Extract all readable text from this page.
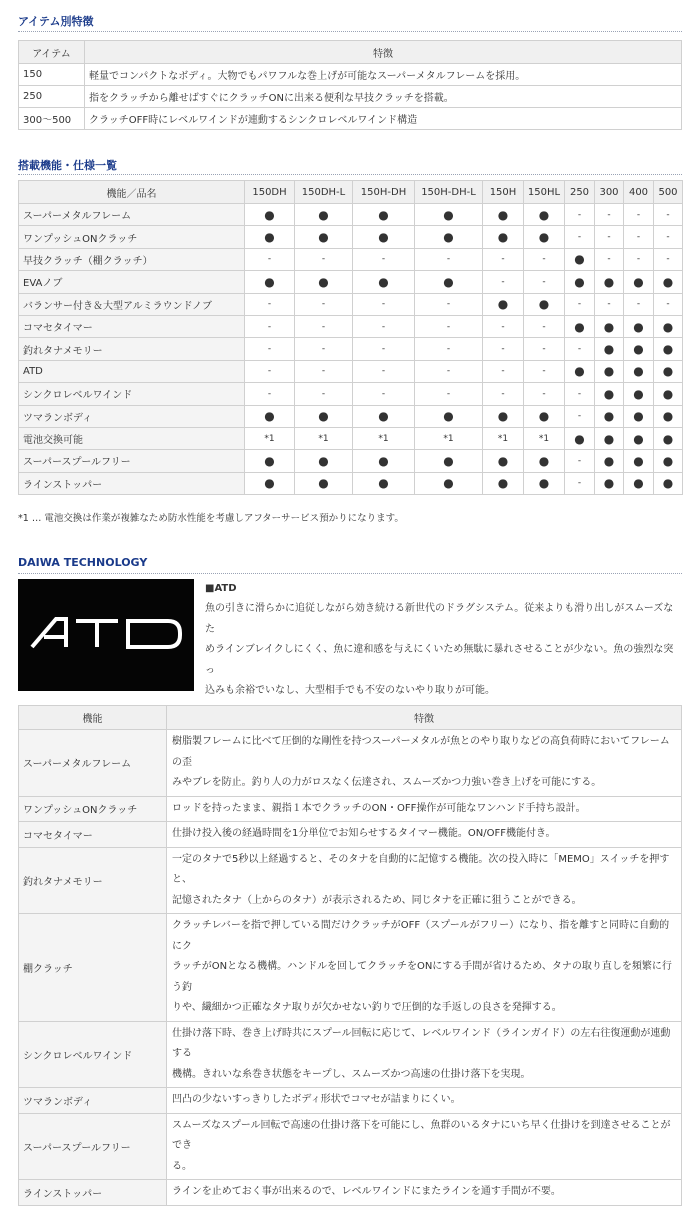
アイテム別特徴
アイテム	特徴
150	軽量でコンパクトなボディ。大物でもパワフルな巻上げが可能なスーパーメタルフレームを採用。
250	指をクラッチから離せばすぐにクラッチONに出来る便利な早技クラッチを搭載。
300～500	クラッチOFF時にレベルワインドが連動するシンクロレベルワインド構造
搭載機能・仕様一覧
機能／品名	150DH	150DH-L	150H-DH	150H-DH-L	150H	150HL	250	300	400	500
スーパーメタルフレーム	●	●	●	●	●	●	-	-	-	-
ワンプッシュONクラッチ	●	●	●	●	●	●	-	-	-	-
早技クラッチ（棚クラッチ）	-	-	-	-	-	-	●	-	-	-
EVAノブ	●	●	●	●	-	-	●	●	●	●
バランサー付き＆大型アルミラウンドノブ	-	-	-	-	●	●	-	-	-	-
コマセタイマー	-	-	-	-	-	-	●	●	●	●
釣れタナメモリー	-	-	-	-	-	-	-	●	●	●
ATD	-	-	-	-	-	-	●	●	●	●
シンクロレベルワインド	-	-	-	-	-	-	-	●	●	●
ツマランボディ	●	●	●	●	●	●	-	●	●	●
電池交換可能	*1	*1	*1	*1	*1	*1	●	●	●	●
スーパースプールフリー	●	●	●	●	●	●	-	●	●	●
ラインストッパー	●	●	●	●	●	●	-	●	●	●
*1 … 電池交換は作業が複雑なため防水性能を考慮しアフターサービス預かりになります。
DAIWA TECHNOLOGY
■ATD
魚の引きに滑らかに追従しながら効き続ける新世代のドラグシステム。従来よりも滑り出しがスムーズなた
めラインブレイクしにくく、魚に違和感を与えにくいため無駄に暴れさせることが少ない。魚の強烈な突っ
込みも余裕でいなし、大型相手でも不安のないやり取りが可能。
機能	特徴
スーパーメタルフレーム	樹脂製フレームに比べて圧倒的な剛性を持つスーパーメタルが魚とのやり取りなどの高負荷時においてフレームの歪
みやブレを防止。釣り人の力がロスなく伝達され、スムーズかつ力強い巻き上げを可能にする。

ワンプッシュONクラッチ	ロッドを持ったまま、親指１本でクラッチのON・OFF操作が可能なワンハンド手持ち設計。

コマセタイマー	仕掛け投入後の経過時間を1分単位でお知らせするタイマー機能。ON/OFF機能付き。

釣れタナメモリー	一定のタナで5秒以上経過すると、そのタナを自動的に記憶する機能。次の投入時に「MEMO」スイッチを押すと、
記憶されたタナ（上からのタナ）が表示されるため、同じタナを正確に狙うことができる。

棚クラッチ	クラッチレバーを指で押している間だけクラッチがOFF（スプールがフリー）になり、指を離すと同時に自動的にク
ラッチがONとなる機構。ハンドルを回してクラッチをONにする手間が省けるため、タナの取り直しを頻繁に行う釣
りや、繊細かつ正確なタナ取りが欠かせない釣りで圧倒的な手返しの良さを発揮する。

シンクロレベルワインド	仕掛け落下時、巻き上げ時共にスプール回転に応じて、レベルワインド（ラインガイド）の左右往復運動が連動する
機構。きれいな糸巻き状態をキープし、スムーズかつ高速の仕掛け落下を実現。

ツマランボディ	凹凸の少ないすっきりしたボディ形状でコマセが詰まりにくい。

スーパースプールフリー	スムーズなスプール回転で高速の仕掛け落下を可能にし、魚群のいるタナにいち早く仕掛けを到達させることができ
る。

ラインストッパー	ラインを止めておく事が出来るので、レベルワインドにまたラインを通す手間が不要。
